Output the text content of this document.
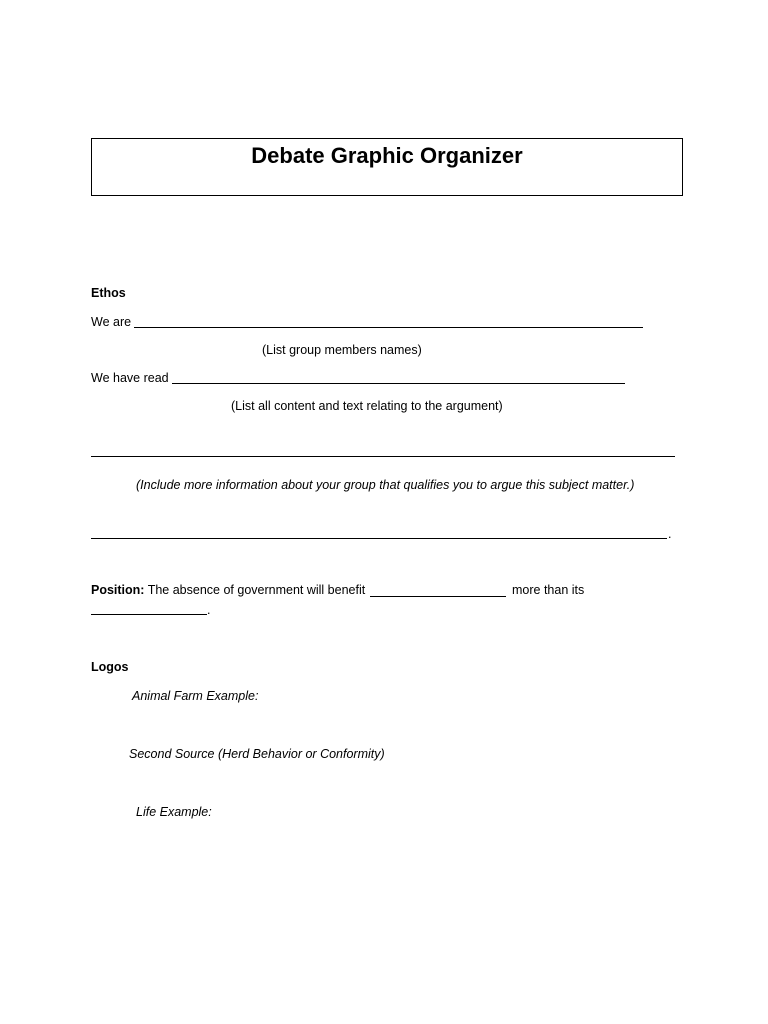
Debate Graphic Organizer
Ethos
We are
(List group members names)
We have read
(List all content and text relating to the argument)
(Include more information about your group that qualifies you to argue this subject matter.)
.
Position: The absence of government will benefit	more than its
.
Logos
Animal Farm Example:
Second Source (Herd Behavior or Conformity)
Life Example:
